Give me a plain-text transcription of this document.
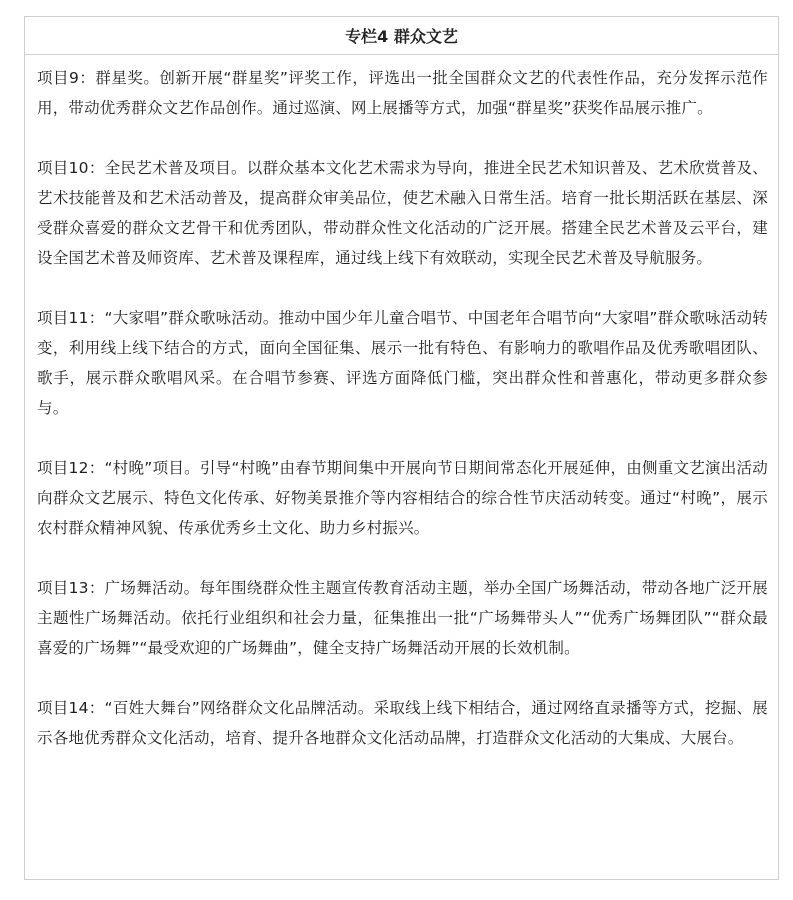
专栏4 群众文艺

项目9：群星奖。创新开展“群星奖”评奖工作，评选出一批全国群众文艺的代表性作品，充分发挥示范作用，带动优秀群众文艺作品创作。通过巡演、网上展播等方式，加强“群星奖”获奖作品展示推广。

项目10：全民艺术普及项目。以群众基本文化艺术需求为导向，推进全民艺术知识普及、艺术欣赏普及、艺术技能普及和艺术活动普及，提高群众审美品位，使艺术融入日常生活。培育一批长期活跃在基层、深受群众喜爱的群众文艺骨干和优秀团队，带动群众性文化活动的广泛开展。搭建全民艺术普及云平台，建设全国艺术普及师资库、艺术普及课程库，通过线上线下有效联动，实现全民艺术普及导航服务。

项目11：“大家唱”群众歌咏活动。推动中国少年儿童合唱节、中国老年合唱节向“大家唱”群众歌咏活动转变，利用线上线下结合的方式，面向全国征集、展示一批有特色、有影响力的歌唱作品及优秀歌唱团队、歌手，展示群众歌唱风采。在合唱节参赛、评选方面降低门槛，突出群众性和普惠化，带动更多群众参与。

项目12：“村晚”项目。引导“村晚”由春节期间集中开展向节日期间常态化开展延伸，由侧重文艺演出活动向群众文艺展示、特色文化传承、好物美景推介等内容相结合的综合性节庆活动转变。通过“村晚”，展示农村群众精神风貌、传承优秀乡土文化、助力乡村振兴。

项目13：广场舞活动。每年围绕群众性主题宣传教育活动主题，举办全国广场舞活动，带动各地广泛开展主题性广场舞活动。依托行业组织和社会力量，征集推出一批“广场舞带头人”“优秀广场舞团队”“群众最喜爱的广场舞”“最受欢迎的广场舞曲”，健全支持广场舞活动开展的长效机制。

项目14：“百姓大舞台”网络群众文化品牌活动。采取线上线下相结合，通过网络直录播等方式，挖掘、展示各地优秀群众文化活动，培育、提升各地群众文化活动品牌，打造群众文化活动的大集成、大展台。
